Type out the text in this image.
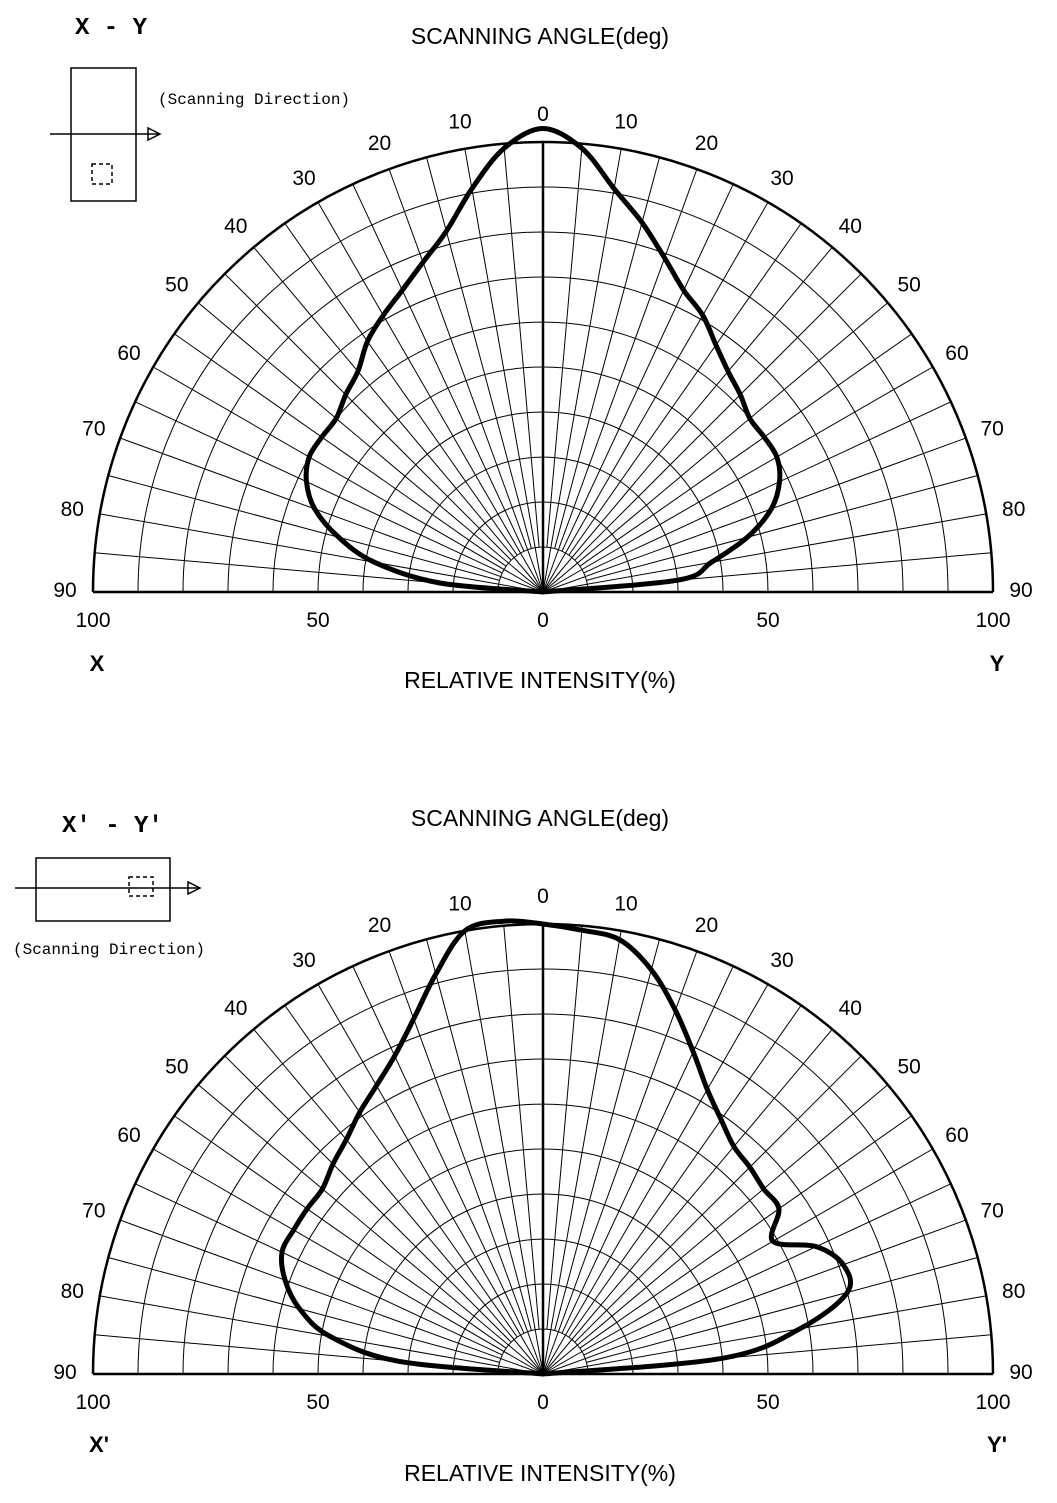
X - Y	SCANNING ANGLE(deg)
RELATIVE INTENSITY(%)
X	Y
(Scanning Direction)
X' - Y'	SCANNING ANGLE(deg)
RELATIVE INTENSITY(%)
X'	Y'
(Scanning Direction)
0
10	10
20	20
30	30
40	40
50	50
60	60
70	70
80	80
90	90
100	50	0	50	100
0
10	10
20	20
30	30
40	40
50	50
60	60
70	70
80	80
90	90
100	50	0	50	100
